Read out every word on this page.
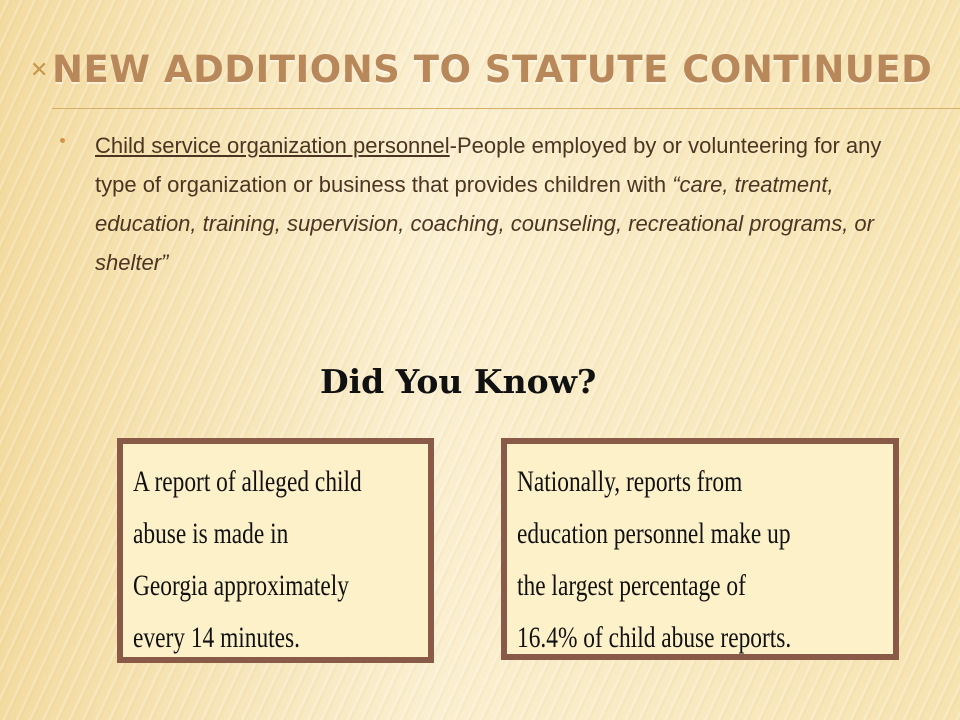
✕ NEW ADDITIONS TO STATUTE CONTINUED
Child service organization personnel-People employed by or volunteering for any type of organization or business that provides children with “care, treatment, education, training, supervision, coaching, counseling, recreational programs, or shelter”
Did You Know?
A report of alleged child
abuse is made in
Georgia approximately
every 14 minutes.
Nationally, reports from
education personnel make up
the largest percentage of
16.4% of child abuse reports.
